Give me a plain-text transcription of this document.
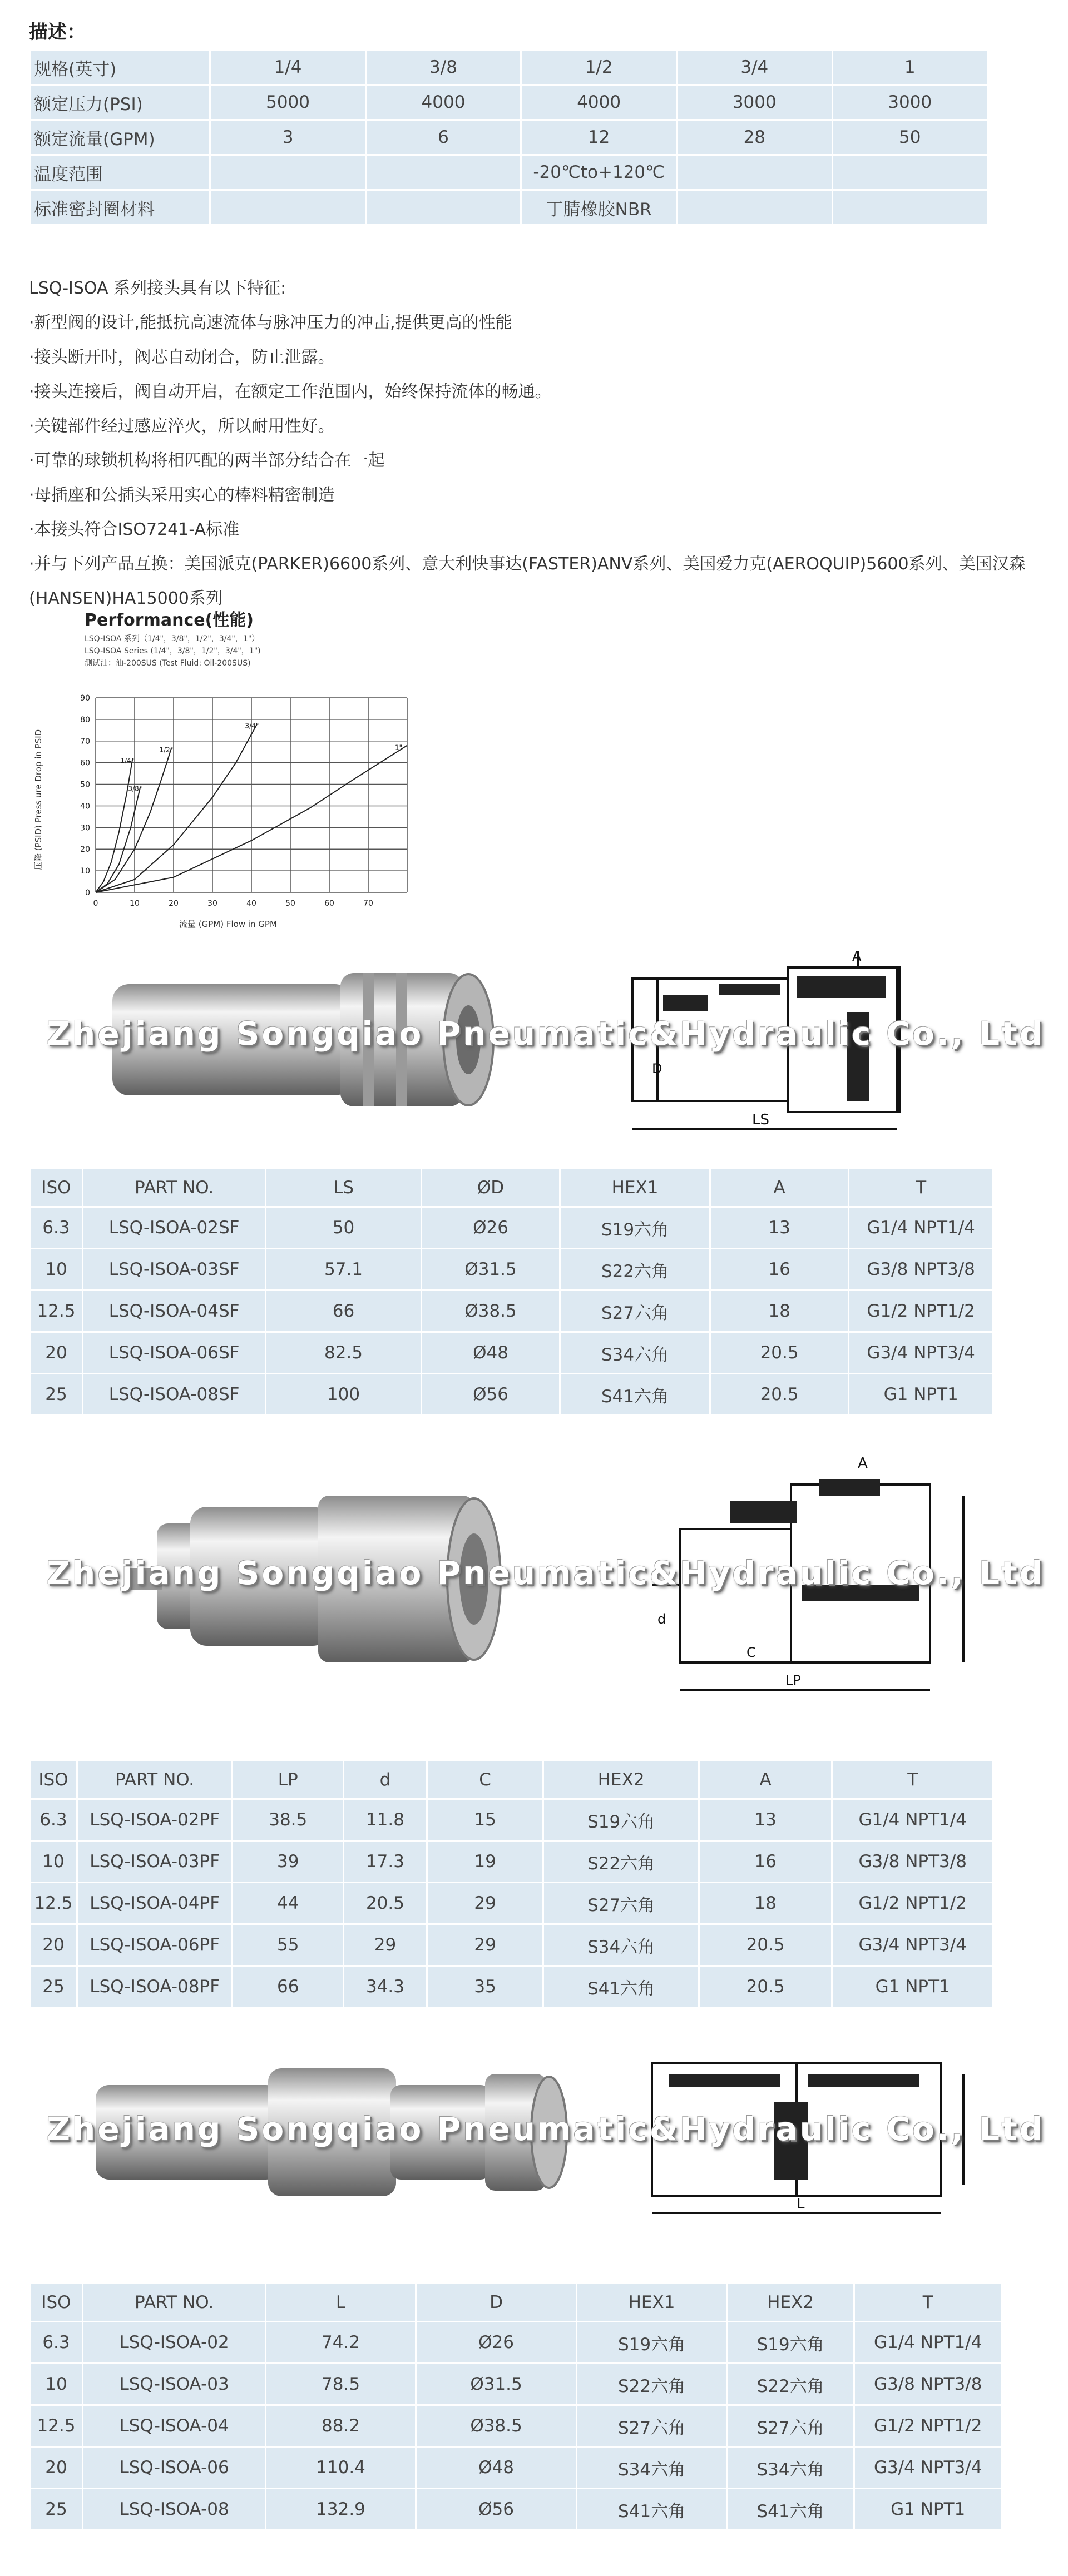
描述：
规格(英寸)	1/4	3/8	1/2	3/4	1
额定压力(PSI)	5000	4000	4000	3000	3000
额定流量(GPM)	3	6	12	28	50
温度范围			-20℃to+120℃		
标准密封圈材料			丁腈橡胶NBR		
LSQ-ISOA 系列接头具有以下特征:
·新型阀的设计,能抵抗高速流体与脉冲压力的冲击,提供更高的性能
·接头断开时，阀芯自动闭合，防止泄露。
·接头连接后，阀自动开启，在额定工作范围内，始终保持流体的畅通。
·关键部件经过感应淬火，所以耐用性好。
·可靠的球锁机构将相匹配的两半部分结合在一起
·母插座和公插头采用实心的棒料精密制造
·本接头符合ISO7241-A标准
·并与下列产品互换：美国派克(PARKER)6600系列、意大利快事达(FASTER)ANV系列、美国爱力克(AEROQUIP)5600系列、美国汉森(HANSEN)HA15000系列
Performance(性能)
LSQ-ISOA 系列（1/4"，3/8"，1/2"，3/4"，1"）
LSQ-ISOA Series (1/4"，3/8"，1/2"，3/4"，1")
测试油：油-200SUS (Test Fluid: Oil-200SUS)
0
10
20
30
40
50
60
70
80
90
0	10	20	30	40	50	60	70
1/4"
3/8"
1/2"
3/4"
1"
流量 (GPM) Flow in GPM
压降 (PSID) Press ure Drop in PSID
LS
A
D
Zhejiang Songqiao Pneumatic&Hydraulic Co., Ltd
ISO	PART NO.	LS	ØD	HEX1	A	T
6.3	LSQ-ISOA-02SF	50	Ø26	S19六角	13	G1/4 NPT1/4
10	LSQ-ISOA-03SF	57.1	Ø31.5	S22六角	16	G3/8 NPT3/8
12.5	LSQ-ISOA-04SF	66	Ø38.5	S27六角	18	G1/2 NPT1/2
20	LSQ-ISOA-06SF	82.5	Ø48	S34六角	20.5	G3/4 NPT3/4
25	LSQ-ISOA-08SF	100	Ø56	S41六角	20.5	G1 NPT1
A
C
LP
d
Zhejiang Songqiao Pneumatic&Hydraulic Co., Ltd
ISO	PART NO.	LP	d	C	HEX2	A	T
6.3	LSQ-ISOA-02PF	38.5	11.8	15	S19六角	13	G1/4 NPT1/4
10	LSQ-ISOA-03PF	39	17.3	19	S22六角	16	G3/8 NPT3/8
12.5	LSQ-ISOA-04PF	44	20.5	29	S27六角	18	G1/2 NPT1/2
20	LSQ-ISOA-06PF	55	29	29	S34六角	20.5	G3/4 NPT3/4
25	LSQ-ISOA-08PF	66	34.3	35	S41六角	20.5	G1 NPT1
L
Zhejiang Songqiao Pneumatic&Hydraulic Co., Ltd
ISO	PART NO.	L	D	HEX1	HEX2	T
6.3	LSQ-ISOA-02	74.2	Ø26	S19六角	S19六角	G1/4 NPT1/4
10	LSQ-ISOA-03	78.5	Ø31.5	S22六角	S22六角	G3/8 NPT3/8
12.5	LSQ-ISOA-04	88.2	Ø38.5	S27六角	S27六角	G1/2 NPT1/2
20	LSQ-ISOA-06	110.4	Ø48	S34六角	S34六角	G3/4 NPT3/4
25	LSQ-ISOA-08	132.9	Ø56	S41六角	S41六角	G1 NPT1
